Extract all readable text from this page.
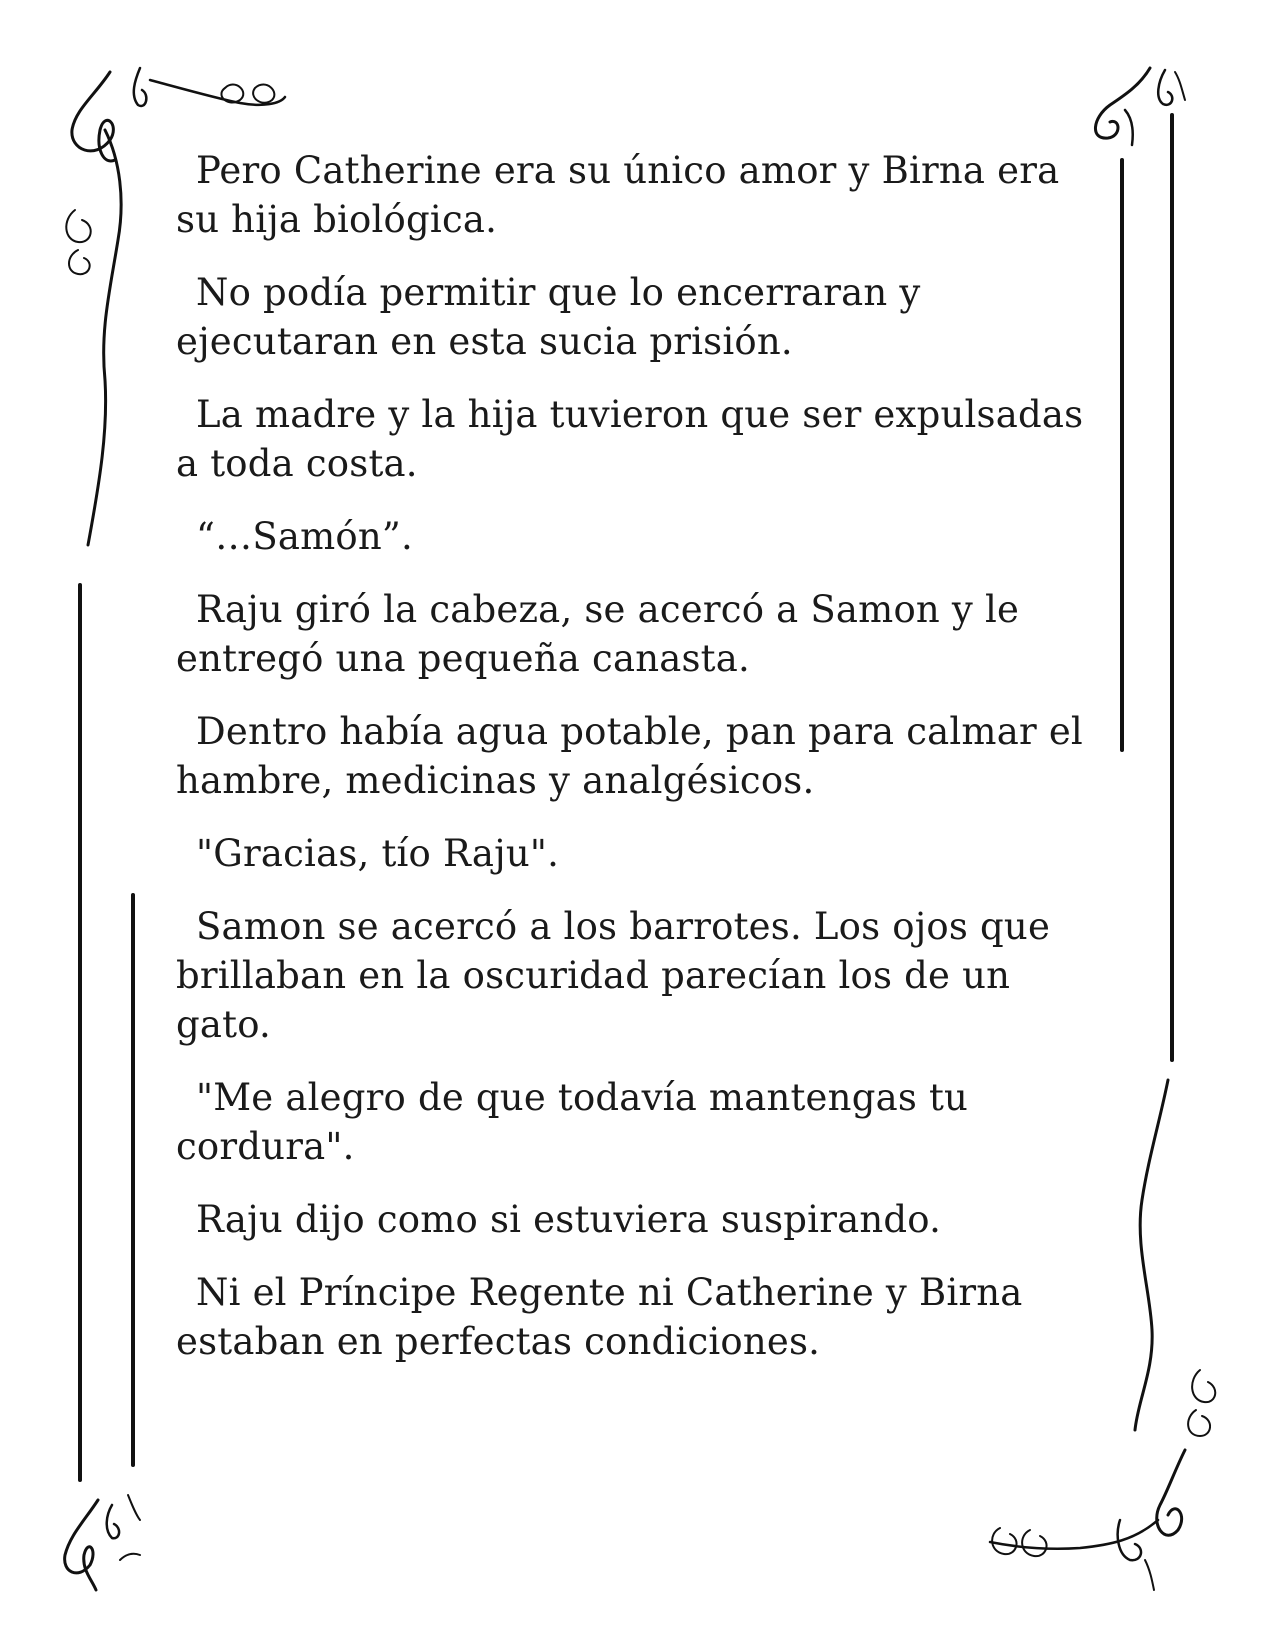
Pero Catherine era su único amor y Birna era su hija biológica.

No podía permitir que lo encerraran y ejecutaran en esta sucia prisión.

La madre y la hija tuvieron que ser expulsadas a toda costa.

“…Samón”.

Raju giró la cabeza, se acercó a Samon y le entregó una pequeña canasta.

Dentro había agua potable, pan para calmar el hambre, medicinas y analgésicos.

"Gracias, tío Raju".

Samon se acercó a los barrotes. Los ojos que brillaban en la oscuridad parecían los de un gato.

"Me alegro de que todavía mantengas tu cordura".

Raju dijo como si estuviera suspirando.

Ni el Príncipe Regente ni Catherine y Birna estaban en perfectas condiciones.
